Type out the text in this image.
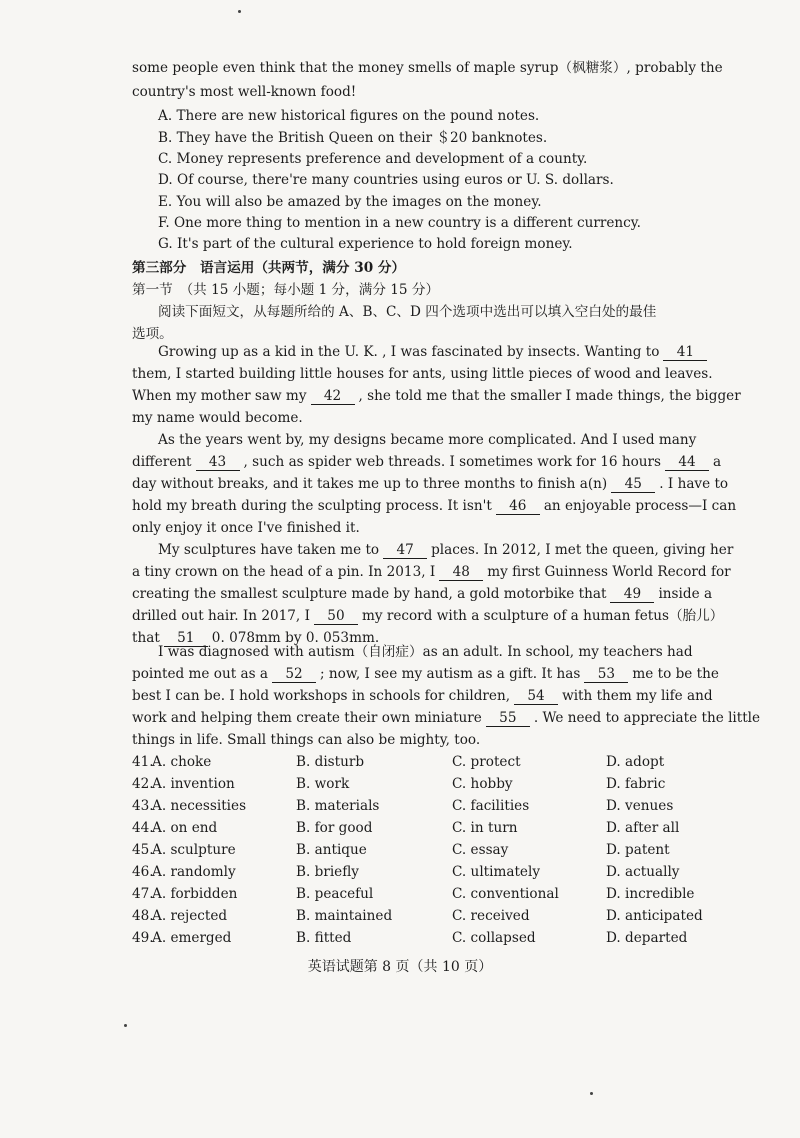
some people even think that the money smells of maple syrup（枫糖浆）, probably the
country's most well-known food!
A. There are new historical figures on the pound notes.
B. They have the British Queen on their ＄20 banknotes.
C. Money represents preference and development of a county.
D. Of course, there're many countries using euros or U. S. dollars.
E. You will also be amazed by the images on the money.
F. One more thing to mention in a new country is a different currency.
G. It's part of the cultural experience to hold foreign money.
第三部分　语言运用（共两节，满分 30 分）
第一节　（共 15 小题；每小题 1 分，满分 15 分）
阅读下面短文，从每题所给的 A、B、C、D 四个选项中选出可以填入空白处的最佳
选项。
Growing up as a kid in the U. K. , I was fascinated by insects. Wanting to 41
them, I started building little houses for ants, using little pieces of wood and leaves.
When my mother saw my 42 , she told me that the smaller I made things, the bigger
my name would become.
As the years went by, my designs became more complicated. And I used many
different 43 , such as spider web threads. I sometimes work for 16 hours 44 a
day without breaks, and it takes me up to three months to finish a(n) 45 . I have to
hold my breath during the sculpting process. It isn't 46 an enjoyable process—I can
only enjoy it once I've finished it.
My sculptures have taken me to 47 places. In 2012, I met the queen, giving her
a tiny crown on the head of a pin. In 2013, I 48 my first Guinness World Record for
creating the smallest sculpture made by hand, a gold motorbike that 49 inside a
drilled out hair. In 2017, I 50 my record with a sculpture of a human fetus（胎儿）
that 51 0. 078mm by 0. 053mm.
I was diagnosed with autism（自闭症）as an adult. In school, my teachers had
pointed me out as a 52 ; now, I see my autism as a gift. It has 53 me to be the
best I can be. I hold workshops in schools for children, 54 with them my life and
work and helping them create their own miniature 55 . We need to appreciate the little
things in life. Small things can also be mighty, too.
41.
A. choke	B. disturb	C. protect	D. adopt
42.
A. invention	B. work	C. hobby	D. fabric
43.
A. necessities	B. materials	C. facilities	D. venues
44.
A. on end	B. for good	C. in turn	D. after all
45.
A. sculpture	B. antique	C. essay	D. patent
46.
A. randomly	B. briefly	C. ultimately	D. actually
47.
A. forbidden	B. peaceful	C. conventional	D. incredible
48.
A. rejected	B. maintained	C. received	D. anticipated
49.
A. emerged	B. fitted	C. collapsed	D. departed
英语试题第 8 页（共 10 页）
